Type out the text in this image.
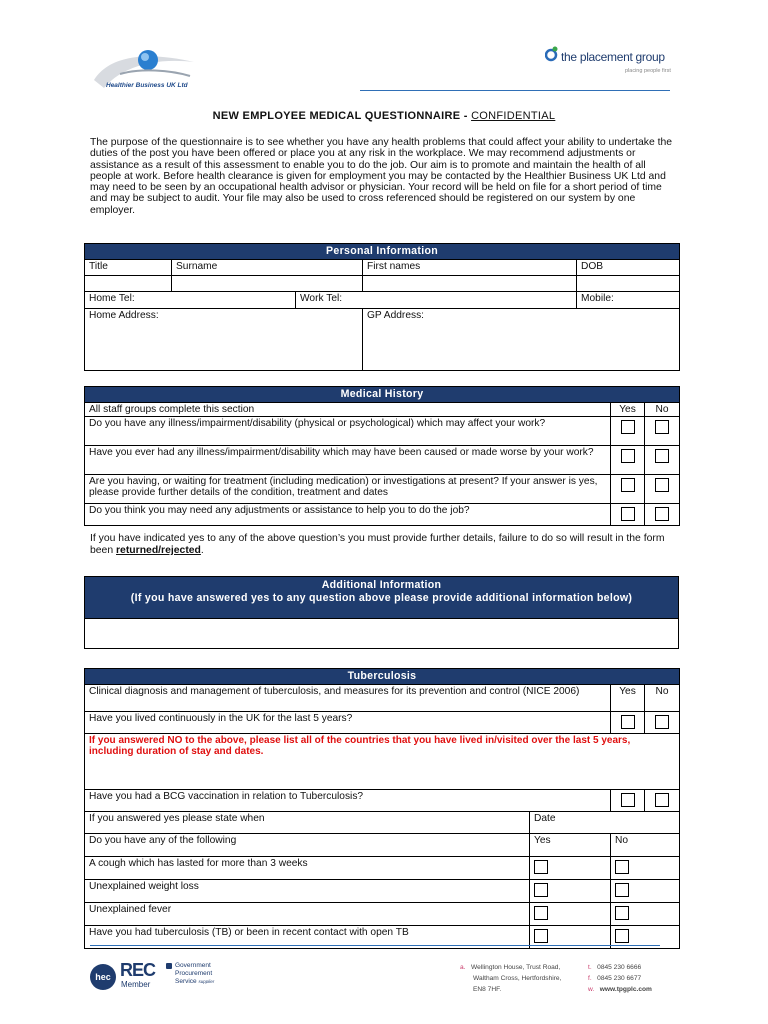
Healthier Business UK Ltd
the placement group
placing people first
NEW EMPLOYEE MEDICAL QUESTIONNAIRE - CONFIDENTIAL
The purpose of the questionnaire is to see whether you have any health problems that could affect your ability to undertake the duties of the post you have been offered or place you at any risk in the workplace. We may recommend adjustments or assistance as a result of this assessment to enable you to do the job. Our aim is to promote and maintain the health of all people at work. Before health clearance is given for employment you may be contacted by the Healthier Business UK Ltd and may need to be seen by an occupational health advisor or physician. Your record will be held on file for a short period of time and may be subject to audit. Your file may also be used to cross referenced should be registered on our system by one employer.
Personal Information				
Title	Surname		First names	DOB

Home Tel:		Work Tel:		Mobile:
Home Address:			GP Address:	
Medical History		
All staff groups complete this section	Yes	No
Do you have any illness/impairment/disability (physical or psychological) which may affect your work?		
Have you ever had any illness/impairment/disability which may have been caused or made worse by your work?		
Are you having, or waiting for treatment (including medication) or investigations at present? If your answer is yes, please provide further details of the condition, treatment and dates		
Do you think you may need any adjustments or assistance to help you to do the job?		
If you have indicated yes to any of the above question’s you must provide further details, failure to do so will result in the form been returned/rejected.
Additional Information
(If you have answered yes to any question above please provide additional information below)

Tuberculosis			
Clinical diagnosis and management of tuberculosis, and measures for its prevention and control (NICE 2006)		Yes	No
Have you lived continuously in the UK for the last 5 years?			
If you answered NO to the above, please list all of the countries that you have lived in/visited over the last 5 years, including duration of stay and dates.			
Have you had a BCG vaccination in relation to Tuberculosis?			
If you answered yes please state when	Date		
Do you have any of the following	Yes	No	
A cough which has lasted for more than 3 weeks			
Unexplained weight loss			
Unexplained fever			
Have you had tuberculosis (TB) or been in recent contact with open TB			
hec REC
Member
Government
Procurement
Service supplier
a. Wellington House, Trust Road,
Waltham Cross, Hertfordshire,
EN8 7HF.
t. 0845 230 6666
f. 0845 230 6677
w. www.tpgplc.com
